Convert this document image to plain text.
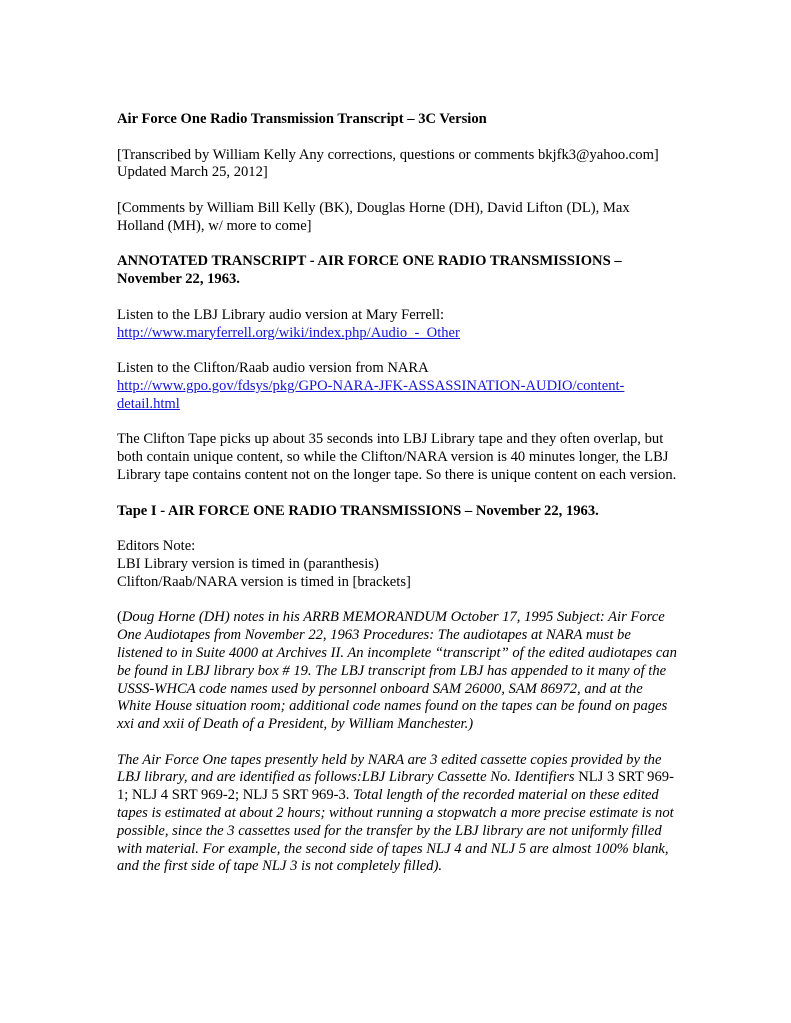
Air Force One Radio Transmission Transcript – 3C Version

[Transcribed by William Kelly Any corrections, questions or comments bkjfk3@yahoo.com] Updated March 25, 2012]

[Comments by William Bill Kelly (BK), Douglas Horne (DH), David Lifton (DL), Max Holland (MH), w/ more to come]

ANNOTATED TRANSCRIPT - AIR FORCE ONE RADIO TRANSMISSIONS – November 22, 1963.

Listen to the LBJ Library audio version at Mary Ferrell:
http://www.maryferrell.org/wiki/index.php/Audio_-_Other

Listen to the Clifton/Raab audio version from NARA
http://www.gpo.gov/fdsys/pkg/GPO-NARA-JFK-ASSASSINATION-AUDIO/content-detail.html

The Clifton Tape picks up about 35 seconds into LBJ Library tape and they often overlap, but both contain unique content, so while the Clifton/NARA version is 40 minutes longer, the LBJ Library tape contains content not on the longer tape. So there is unique content on each version.

Tape I - AIR FORCE ONE RADIO TRANSMISSIONS – November 22, 1963.

Editors Note:
LBI Library version is timed in (paranthesis)
Clifton/Raab/NARA version is timed in [brackets]

(Doug Horne (DH) notes in his ARRB MEMORANDUM October 17, 1995 Subject: Air Force One Audiotapes from November 22, 1963 Procedures: The audiotapes at NARA must be listened to in Suite 4000 at Archives II. An incomplete “transcript” of the edited audiotapes can be found in LBJ library box # 19. The LBJ transcript from LBJ has appended to it many of the USSS-WHCA code names used by personnel onboard SAM 26000, SAM 86972, and at the White House situation room; additional code names found on the tapes can be found on pages xxi and xxii of Death of a President, by William Manchester.)

The Air Force One tapes presently held by NARA are 3 edited cassette copies provided by the LBJ library, and are identified as follows:LBJ Library Cassette No. Identifiers NLJ 3 SRT 969-1; NLJ 4 SRT 969-2; NLJ 5 SRT 969-3. Total length of the recorded material on these edited tapes is estimated at about 2 hours; without running a stopwatch a more precise estimate is not possible, since the 3 cassettes used for the transfer by the LBJ library are not uniformly filled with material. For example, the second side of tapes NLJ 4 and NLJ 5 are almost 100% blank, and the first side of tape NLJ 3 is not completely filled).
